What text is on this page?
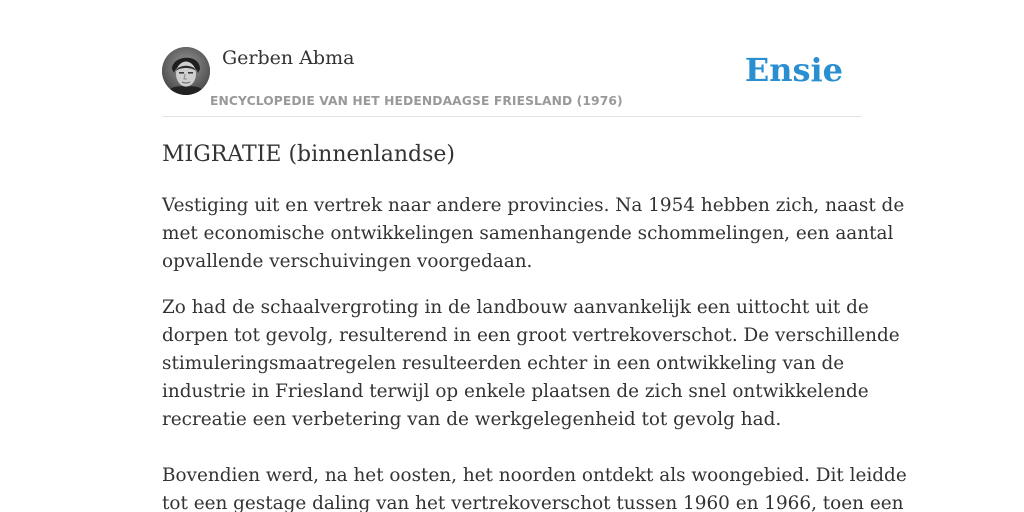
Gerben Abma
ENCYCLOPEDIE VAN HET HEDENDAAGSE FRIESLAND (1976)
Ensie
MIGRATIE (binnenlandse)

Vestiging uit en vertrek naar andere provincies. Na 1954 hebben zich, naast de
met economische ontwikkelingen samenhangende schommelingen, een aantal
opvallende verschuivingen voorgedaan.

Zo had de schaalvergroting in de landbouw aanvankelijk een uittocht uit de
dorpen tot gevolg, resulterend in een groot vertrekoverschot. De verschillende
stimuleringsmaatregelen resulteerden echter in een ontwikkeling van de
industrie in Friesland terwijl op enkele plaatsen de zich snel ontwikkelende
recreatie een verbetering van de werkgelegenheid tot gevolg had.

Bovendien werd, na het oosten, het noorden ontdekt als woongebied. Dit leidde
tot een gestage daling van het vertrekoverschot tussen 1960 en 1966, toen een
